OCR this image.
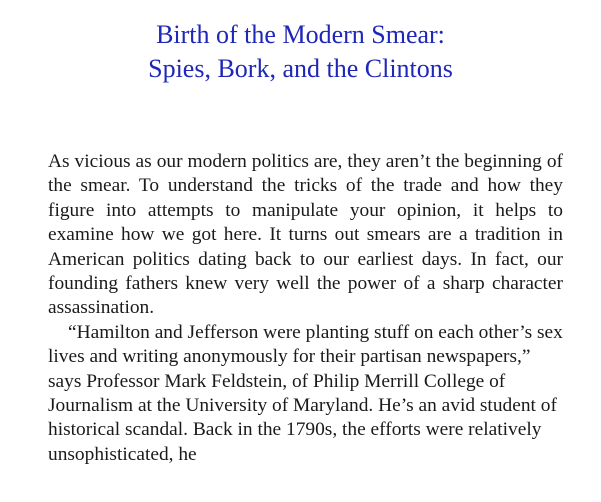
Birth of the Modern Smear:
Spies, Bork, and the Clintons

As vicious as our modern politics are, they aren’t the beginning of the smear. To understand the tricks of the trade and how they figure into attempts to manipulate your opinion, it helps to examine how we got here. It turns out smears are a tradition in American politics dating back to our earliest days. In fact, our founding fathers knew very well the power of a sharp character assassination.

“Hamilton and Jefferson were planting stuff on each other’s sex lives and writing anonymously for their partisan newspapers,” says Professor Mark Feldstein, of Philip Merrill College of Journalism at the University of Maryland. He’s an avid student of historical scandal. Back in the 1790s, the efforts were relatively unsophisticated, he
